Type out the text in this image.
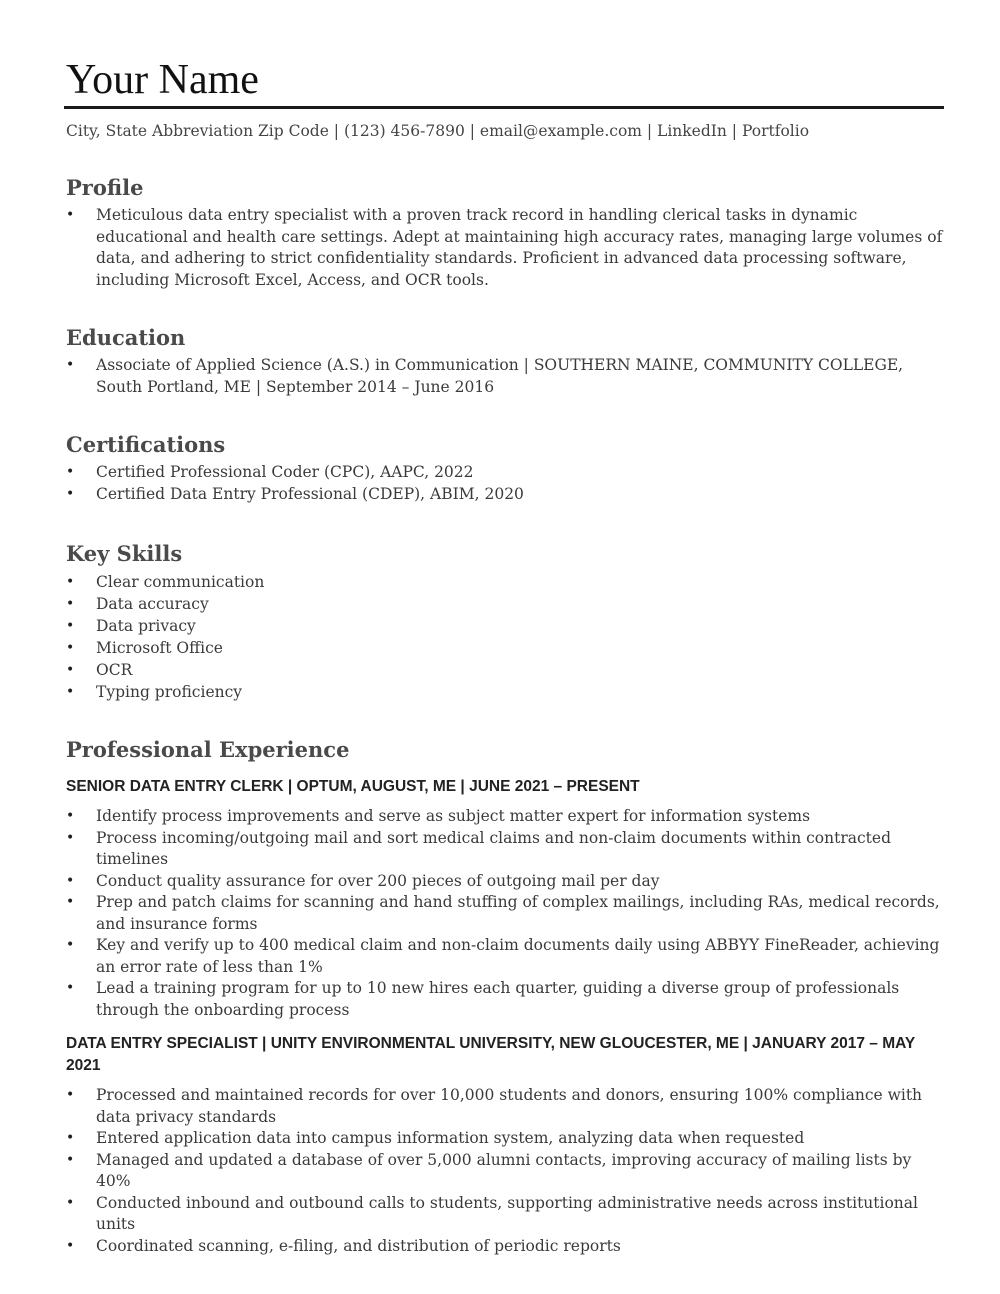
Your Name
City, State Abbreviation Zip Code | (123) 456-7890 | email@example.com | LinkedIn | Portfolio
Profile
• Meticulous data entry specialist with a proven track record in handling clerical tasks in dynamic educational and health care settings. Adept at maintaining high accuracy rates, managing large volumes of data, and adhering to strict confidentiality standards. Proficient in advanced data processing software, including Microsoft Excel, Access, and OCR tools.
Education
• Associate of Applied Science (A.S.) in Communication | SOUTHERN MAINE, COMMUNITY COLLEGE, South Portland, ME | September 2014 – June 2016
Certifications
• Certified Professional Coder (CPC), AAPC, 2022
• Certified Data Entry Professional (CDEP), ABIM, 2020
Key Skills
• Clear communication
• Data accuracy
• Data privacy
• Microsoft Office
• OCR
• Typing proficiency
Professional Experience
SENIOR DATA ENTRY CLERK | OPTUM, AUGUST, ME | JUNE 2021 – PRESENT
• Identify process improvements and serve as subject matter expert for information systems
• Process incoming/outgoing mail and sort medical claims and non-claim documents within contracted timelines
• Conduct quality assurance for over 200 pieces of outgoing mail per day
• Prep and patch claims for scanning and hand stuffing of complex mailings, including RAs, medical records, and insurance forms
• Key and verify up to 400 medical claim and non-claim documents daily using ABBYY FineReader, achieving an error rate of less than 1%
• Lead a training program for up to 10 new hires each quarter, guiding a diverse group of professionals through the onboarding process
DATA ENTRY SPECIALIST | UNITY ENVIRONMENTAL UNIVERSITY, NEW GLOUCESTER, ME | JANUARY 2017 – MAY 2021
• Processed and maintained records for over 10,000 students and donors, ensuring 100% compliance with data privacy standards
• Entered application data into campus information system, analyzing data when requested
• Managed and updated a database of over 5,000 alumni contacts, improving accuracy of mailing lists by 40%
• Conducted inbound and outbound calls to students, supporting administrative needs across institutional units
• Coordinated scanning, e-filing, and distribution of periodic reports
